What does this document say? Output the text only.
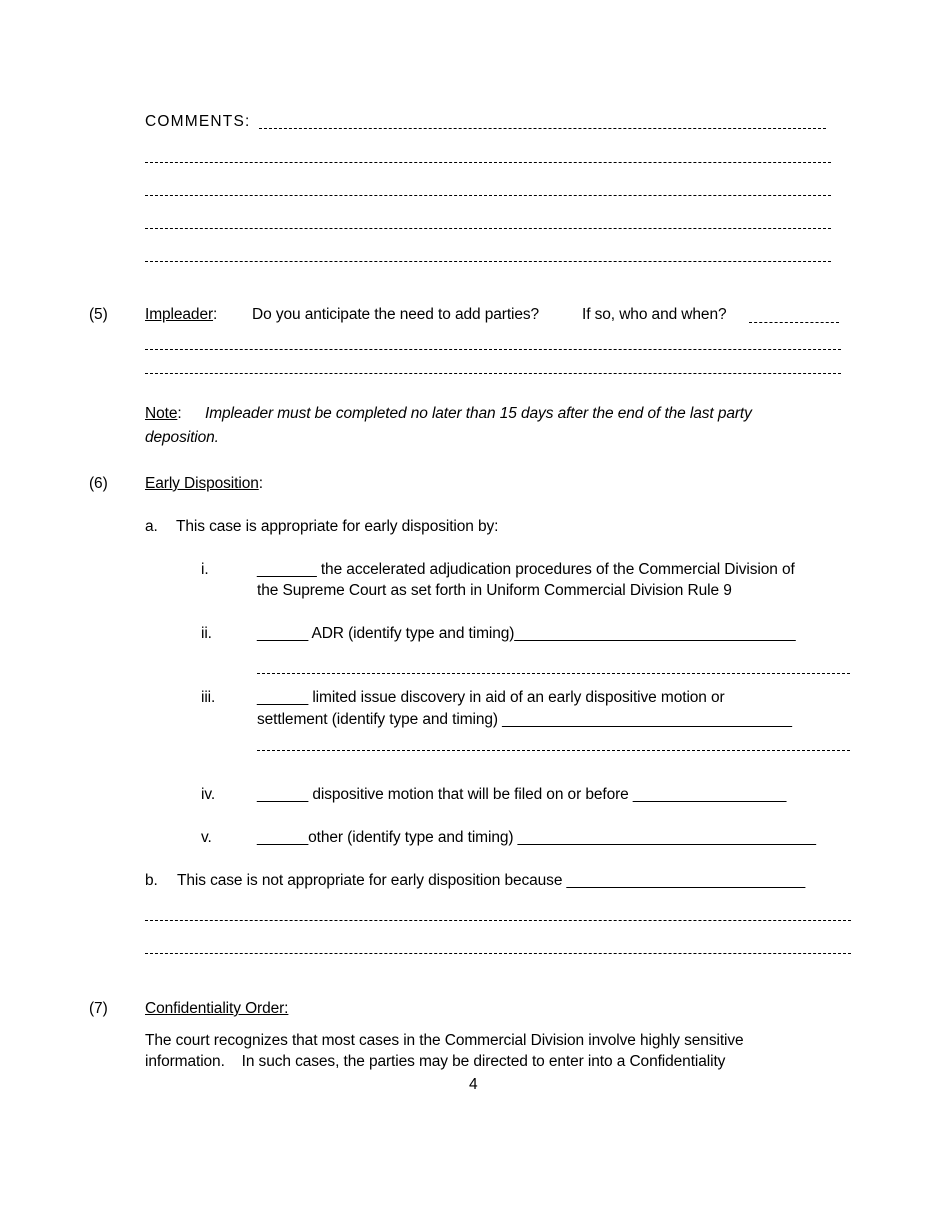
COMMENTS:
(5) Impleader: Do you anticipate the need to add parties?	If so, who and when?
Note: Impleader must be completed no later than 15 days after the end of the last party
deposition.
(6) Early Disposition:
a. This case is appropriate for early disposition by:
i.	_______ the accelerated adjudication procedures of the Commercial Division of
the Supreme Court as set forth in Uniform Commercial Division Rule 9
ii.	______ ADR (identify type and timing)_________________________________
iii.	______ limited issue discovery in aid of an early dispositive motion or
settlement (identify type and timing) __________________________________
iv.	______ dispositive motion that will be filed on or before __________________
v.	______other (identify type and timing) ___________________________________
b. This case is not appropriate for early disposition because ____________________________
(7) Confidentiality Order:
The court recognizes that most cases in the Commercial Division involve highly sensitive
information.    In such cases, the parties may be directed to enter into a Confidentiality
4
